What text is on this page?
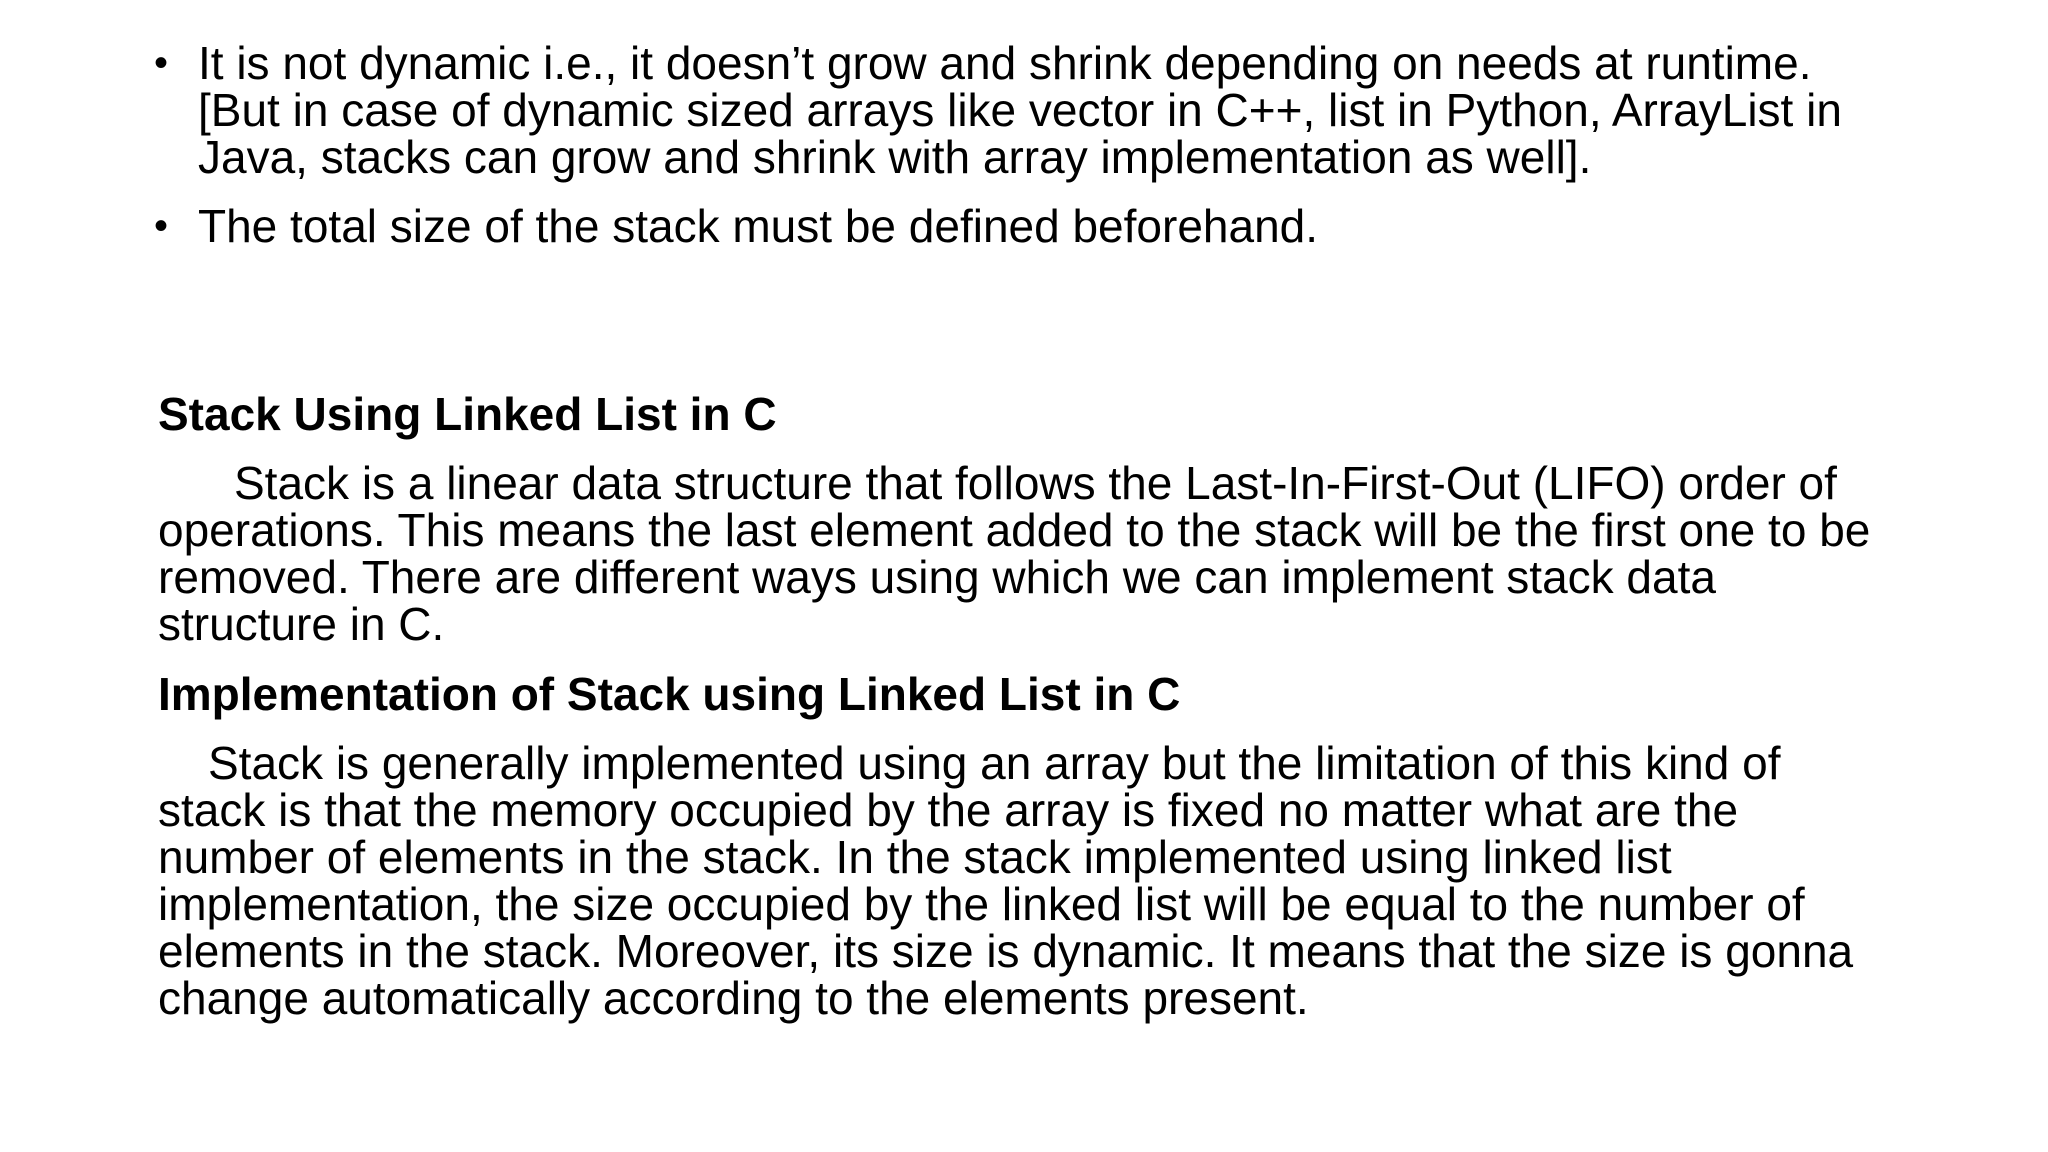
• It is not dynamic i.e., it doesn’t grow and shrink depending on needs at runtime. [But in case of dynamic sized arrays like vector in C++, list in Python, ArrayList in Java, stacks can grow and shrink with array implementation as well].
• The total size of the stack must be defined beforehand.
Stack Using Linked List in C

Stack is a linear data structure that follows the Last-In-First-Out (LIFO) order of operations. This means the last element added to the stack will be the first one to be removed. There are different ways using which we can implement stack data structure in C.

Implementation of Stack using Linked List in C

Stack is generally implemented using an array but the limitation of this kind of stack is that the memory occupied by the array is fixed no matter what are the number of elements in the stack. In the stack implemented using linked list implementation, the size occupied by the linked list will be equal to the number of elements in the stack. Moreover, its size is dynamic. It means that the size is gonna change automatically according to the elements present.
